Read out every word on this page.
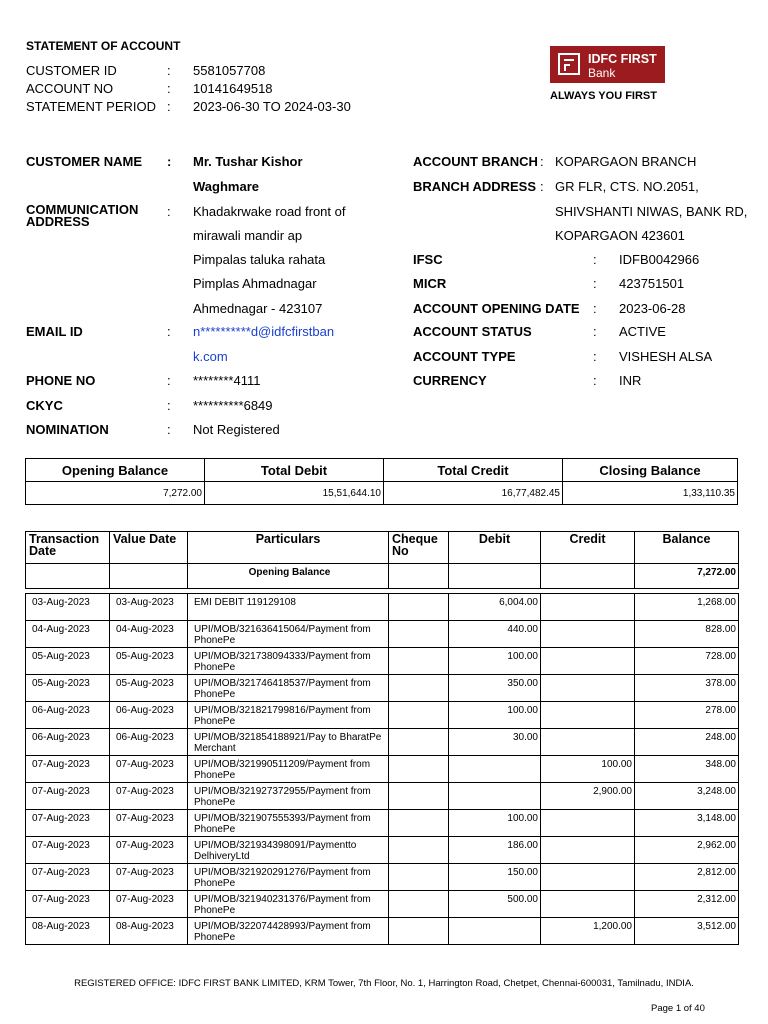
STATEMENT OF ACCOUNT
CUSTOMER ID	: 5581057708
ACCOUNT NO	: 10141649518
STATEMENT PERIOD : 2023-06-30 TO 2024-03-30
IDFC FIRST
Bank
ALWAYS YOU FIRST
CUSTOMER NAME : Mr. Tushar Kishor
Waghmare
COMMUNICATION
ADDRESS
: Khadakrwake road front of
mirawali mandir ap
Pimpalas taluka rahata
Pimplas Ahmadnagar
Ahmednagar - 423107
EMAIL ID	: n**********d@idfcfirstban
k.com
PHONE NO	: ********4111
CKYC	: **********6849
NOMINATION	: Not Registered
ACCOUNT BRANCH : KOPARGAON BRANCH
BRANCH ADDRESS : GR FLR, CTS. NO.2051,
SHIVSHANTI NIWAS, BANK RD,
KOPARGAON 423601
IFSC	: IDFB0042966
MICR	: 423751501
ACCOUNT OPENING DATE : 2023-06-28
ACCOUNT STATUS	: ACTIVE
ACCOUNT TYPE	: VISHESH ALSA
CURRENCY	: INR
Opening Balance	Total Debit	Total Credit	Closing Balance
7,272.00	15,51,644.10	16,77,482.45	1,33,110.35
Transaction Date	Value Date	Particulars	Cheque No	Debit	Credit	Balance
		Opening Balance				7,272.00

03-Aug-2023	03-Aug-2023	EMI DEBIT 119129108		6,004.00		1,268.00
04-Aug-2023	04-Aug-2023	UPI/MOB/321636415064/Payment from PhonePe		440.00		828.00
05-Aug-2023	05-Aug-2023	UPI/MOB/321738094333/Payment from PhonePe		100.00		728.00
05-Aug-2023	05-Aug-2023	UPI/MOB/321746418537/Payment from PhonePe		350.00		378.00
06-Aug-2023	06-Aug-2023	UPI/MOB/321821799816/Payment from PhonePe		100.00		278.00
06-Aug-2023	06-Aug-2023	UPI/MOB/321854188921/Pay to BharatPe Merchant		30.00		248.00
07-Aug-2023	07-Aug-2023	UPI/MOB/321990511209/Payment from PhonePe			100.00	348.00
07-Aug-2023	07-Aug-2023	UPI/MOB/321927372955/Payment from PhonePe			2,900.00	3,248.00
07-Aug-2023	07-Aug-2023	UPI/MOB/321907555393/Payment from PhonePe		100.00		3,148.00
07-Aug-2023	07-Aug-2023	UPI/MOB/321934398091/Paymentto DelhiveryLtd		186.00		2,962.00
07-Aug-2023	07-Aug-2023	UPI/MOB/321920291276/Payment from PhonePe		150.00		2,812.00
07-Aug-2023	07-Aug-2023	UPI/MOB/321940231376/Payment from PhonePe		500.00		2,312.00
08-Aug-2023	08-Aug-2023	UPI/MOB/322074428993/Payment from PhonePe			1,200.00	3,512.00
REGISTERED OFFICE: IDFC FIRST BANK LIMITED, KRM Tower, 7th Floor, No. 1, Harrington Road, Chetpet, Chennai-600031, Tamilnadu, INDIA.
Page 1 of 40
